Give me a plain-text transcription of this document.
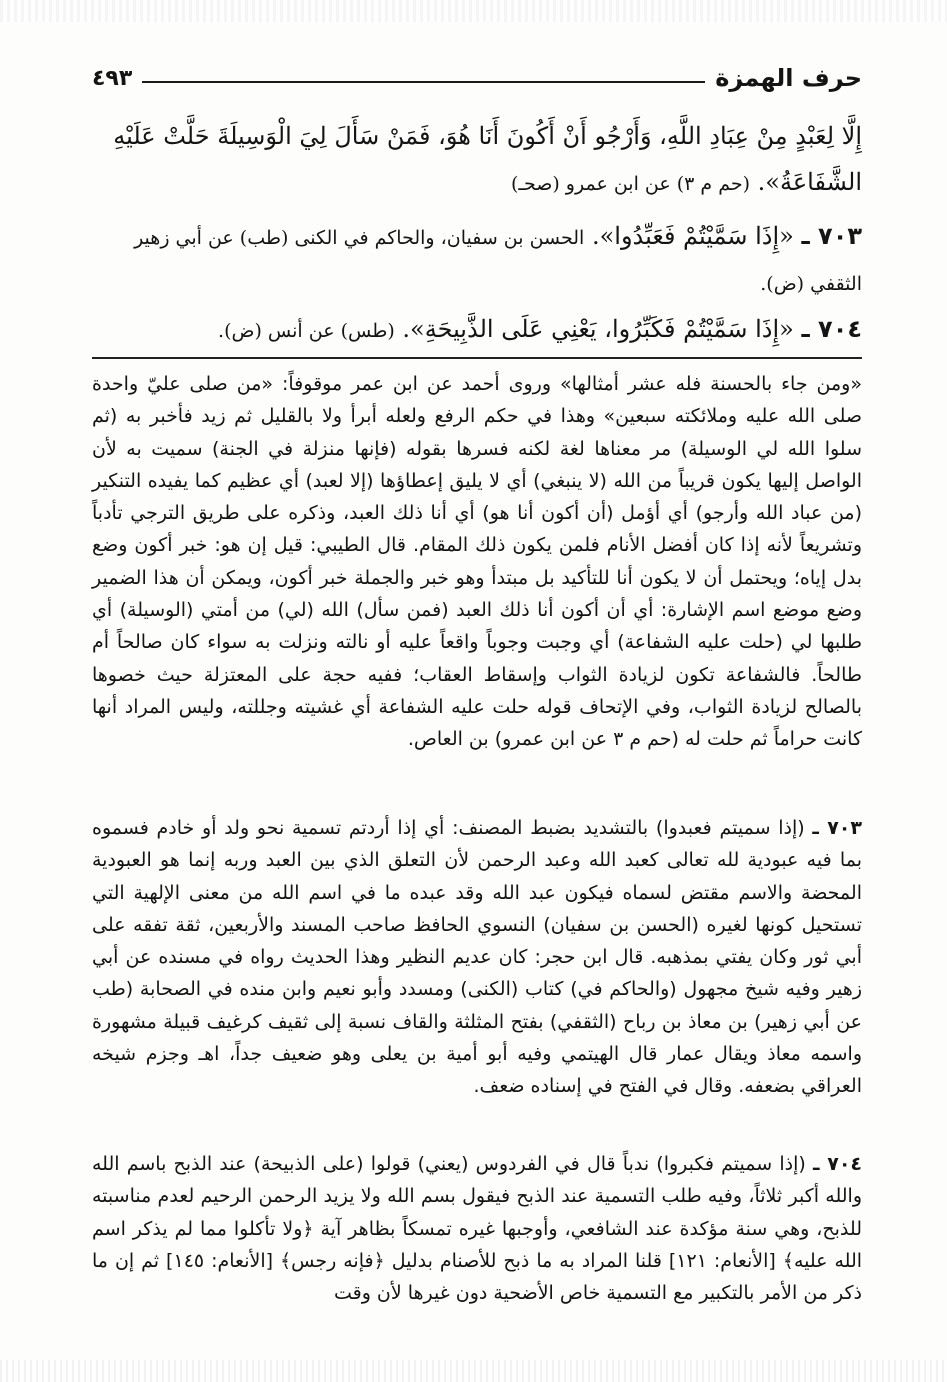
حرف الهمزة
٤٩٣
إِلَّا لِعَبْدٍ مِنْ عِبَادِ اللَّهِ، وَأَرْجُو أَنْ أَكُونَ أَنَا هُوَ، فَمَنْ سَأَلَ لِيَ الْوَسِيلَةَ حَلَّتْ عَلَيْهِ
الشَّفَاعَةُ». (حم م ٣) عن ابن عمرو (صحـ)
٧٠٣ ـ «إِذَا سَمَّيْتُمْ فَعَبِّدُوا». الحسن بن سفيان، والحاكم في الكنى (طب) عن أبي زهير
الثقفي (ض).
٧٠٤ ـ «إِذَا سَمَّيْتُمْ فَكَبِّرُوا، يَعْنِي عَلَى الذَّبِيحَةِ». (طس) عن أنس (ض).

«ومن جاء بالحسنة فله عشر أمثالها» وروى أحمد عن ابن عمر موقوفاً: «من صلى عليّ واحدة صلى الله عليه وملائكته سبعين» وهذا في حكم الرفع ولعله أبرأ ولا بالقليل ثم زيد فأخبر به (ثم سلوا الله لي الوسيلة) مر معناها لغة لكنه فسرها بقوله (فإنها منزلة في الجنة) سميت به لأن الواصل إليها يكون قريباً من الله (لا ينبغي) أي لا يليق إعطاؤها (إلا لعبد) أي عظيم كما يفيده التنكير (من عباد الله وأرجو) أي أؤمل (أن أكون أنا هو) أي أنا ذلك العبد، وذكره على طريق الترجي تأدباً وتشريعاً لأنه إذا كان أفضل الأنام فلمن يكون ذلك المقام. قال الطيبي: قيل إن هو: خبر أكون وضع بدل إياه؛ ويحتمل أن لا يكون أنا للتأكيد بل مبتدأ وهو خبر والجملة خبر أكون، ويمكن أن هذا الضمير وضع موضع اسم الإشارة: أي أن أكون أنا ذلك العبد (فمن سأل) الله (لي) من أمتي (الوسيلة) أي طلبها لي (حلت عليه الشفاعة) أي وجبت وجوباً واقعاً عليه أو نالته ونزلت به سواء كان صالحاً أم طالحاً. فالشفاعة تكون لزيادة الثواب وإسقاط العقاب؛ ففيه حجة على المعتزلة حيث خصوها بالصالح لزيادة الثواب، وفي الإتحاف قوله حلت عليه الشفاعة أي غشيته وجللته، وليس المراد أنها كانت حراماً ثم حلت له (حم م ٣ عن ابن عمرو) بن العاص.

٧٠٣ ـ (إذا سميتم فعبدوا) بالتشديد بضبط المصنف: أي إذا أردتم تسمية نحو ولد أو خادم فسموه بما فيه عبودية لله تعالى كعبد الله وعبد الرحمن لأن التعلق الذي بين العبد وربه إنما هو العبودية المحضة والاسم مقتض لسماه فيكون عبد الله وقد عبده ما في اسم الله من معنى الإلهية التي تستحيل كونها لغيره (الحسن بن سفيان) النسوي الحافظ صاحب المسند والأربعين، ثقة تفقه على أبي ثور وكان يفتي بمذهبه. قال ابن حجر: كان عديم النظير وهذا الحديث رواه في مسنده عن أبي زهير وفيه شيخ مجهول (والحاكم في) كتاب (الكنى) ومسدد وأبو نعيم وابن منده في الصحابة (طب عن أبي زهير) بن معاذ بن رباح (الثقفي) بفتح المثلثة والقاف نسبة إلى ثقيف كرغيف قبيلة مشهورة واسمه معاذ ويقال عمار قال الهيتمي وفيه أبو أمية بن يعلى وهو ضعيف جداً، اهـ وجزم شيخه العراقي بضعفه. وقال في الفتح في إسناده ضعف.

٧٠٤ ـ (إذا سميتم فكبروا) ندباً قال في الفردوس (يعني) قولوا (على الذبيحة) عند الذبح باسم الله والله أكبر ثلاثاً، وفيه طلب التسمية عند الذبح فيقول بسم الله ولا يزيد الرحمن الرحيم لعدم مناسبته للذبح، وهي سنة مؤكدة عند الشافعي، وأوجبها غيره تمسكاً بظاهر آية ﴿ولا تأكلوا مما لم يذكر اسم الله عليه﴾ [الأنعام: ١٢١] قلنا المراد به ما ذبح للأصنام بدليل ﴿فإنه رجس﴾ [الأنعام: ١٤٥] ثم إن ما ذكر من الأمر بالتكبير مع التسمية خاص الأضحية دون غيرها لأن وقت
